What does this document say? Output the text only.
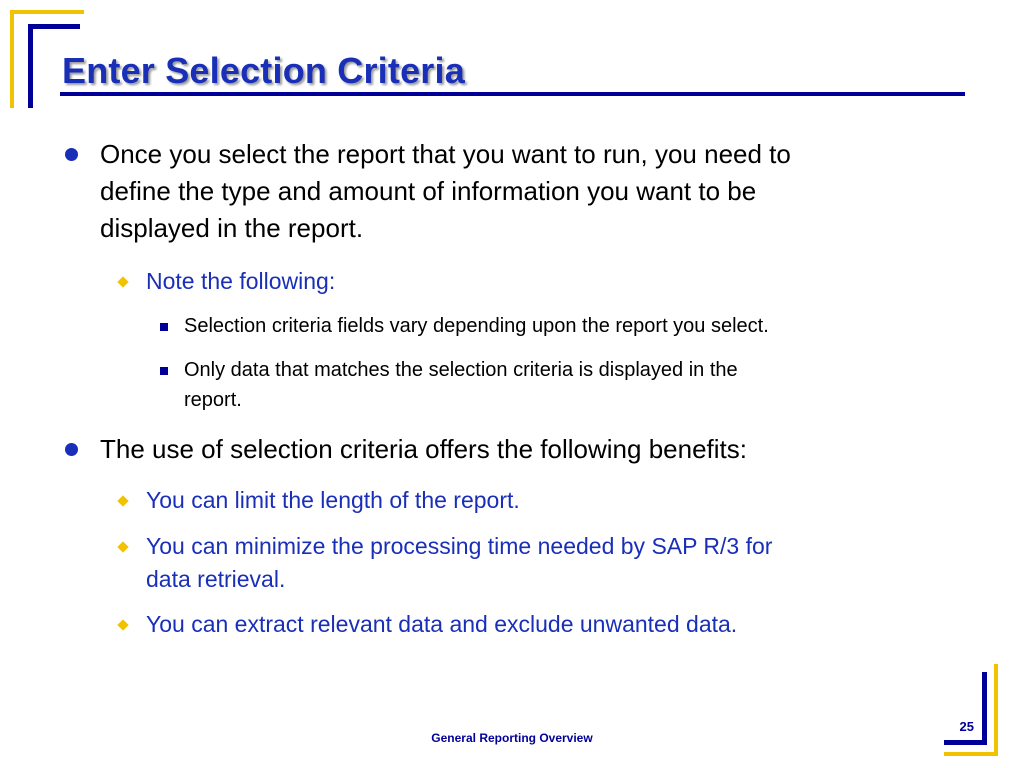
Enter Selection Criteria

Once you select the report that you want to run, you need to
define the type and amount of information you want to be
displayed in the report.

Note the following:

Selection criteria fields vary depending upon the report you select.

Only data that matches the selection criteria is displayed in the
report.

The use of selection criteria offers the following benefits:

You can limit the length of the report.

You can minimize the processing time needed by SAP R/3 for
data retrieval.

You can extract relevant data and exclude unwanted data.

General Reporting Overview

25
